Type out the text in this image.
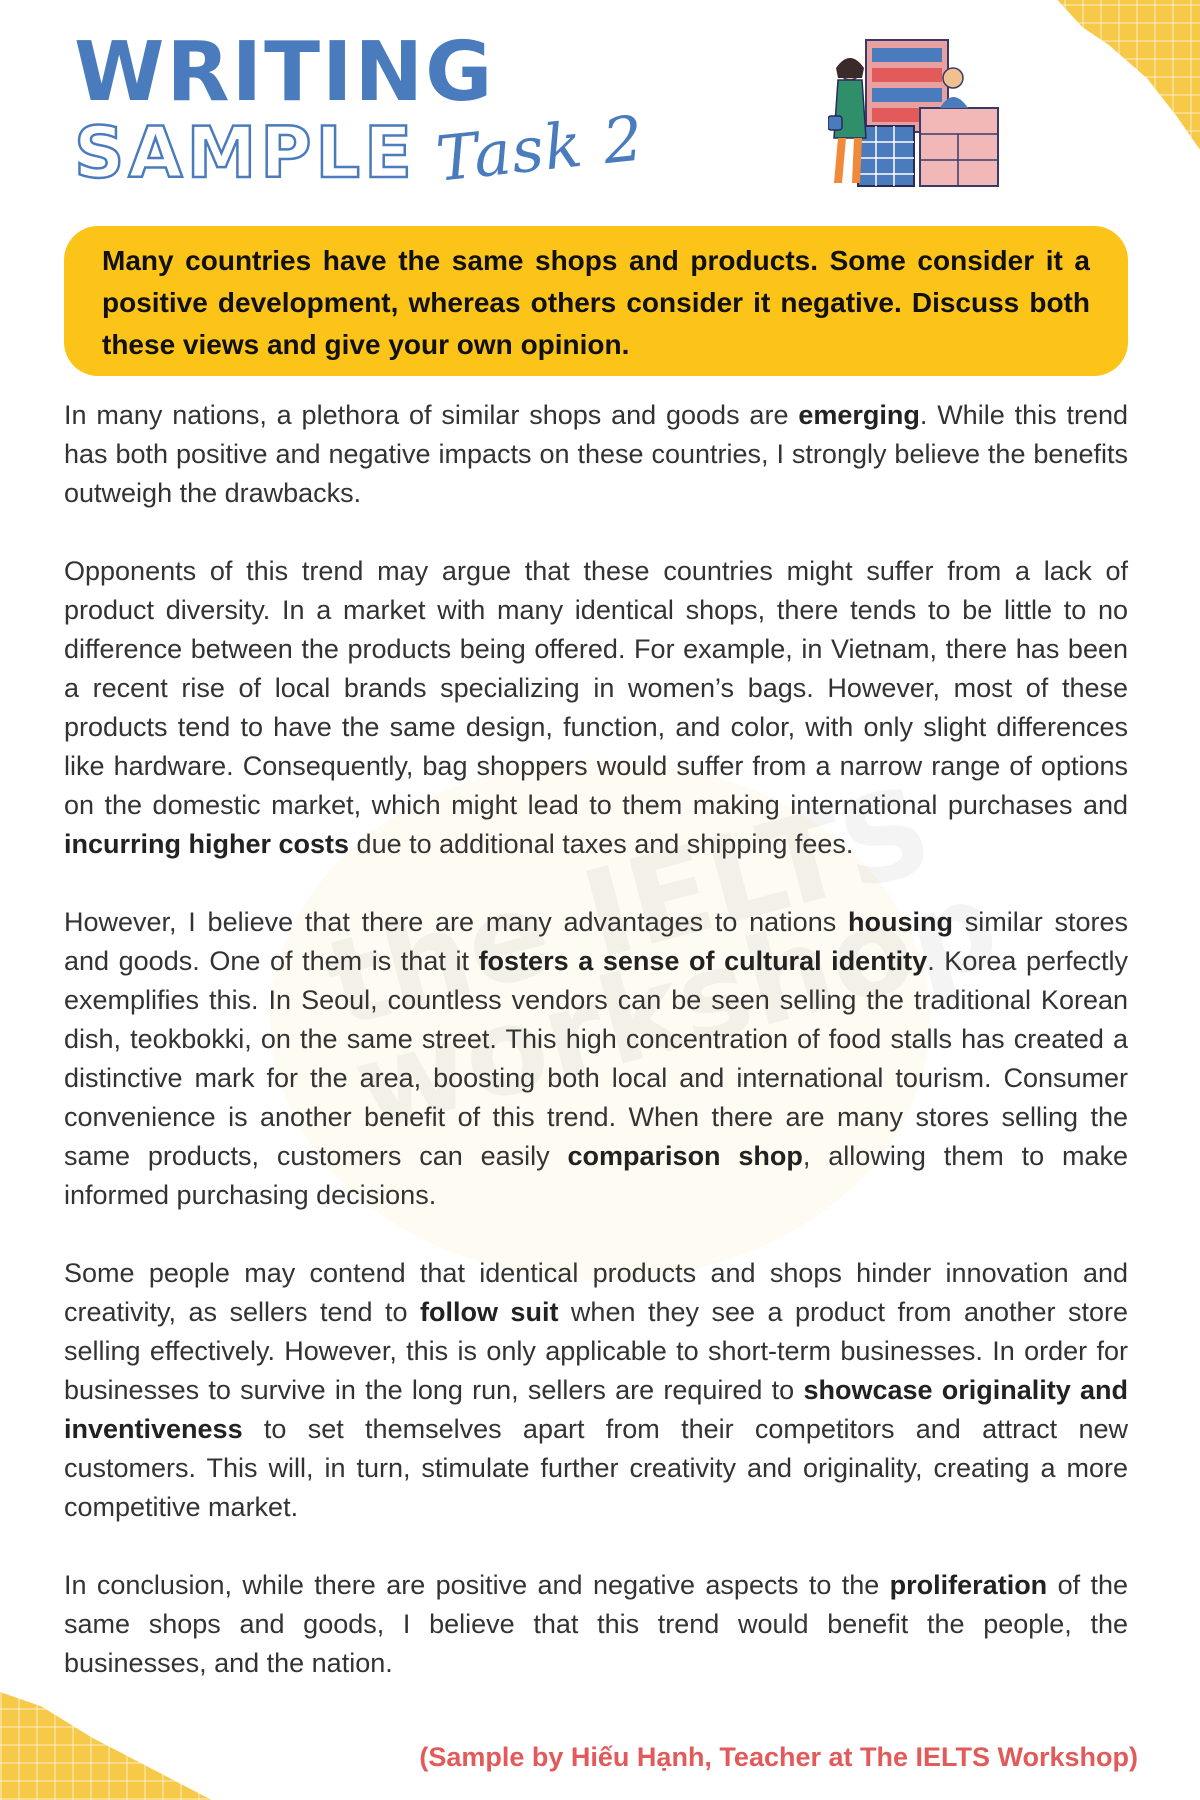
WRITING
SAMPLE Task 2

Many countries have the same shops and products. Some consider it a positive development, whereas others consider it negative. Discuss both these views and give your own opinion.

In many nations, a plethora of similar shops and goods are emerging. While this trend has both positive and negative impacts on these countries, I strongly believe the benefits outweigh the drawbacks.

Opponents of this trend may argue that these countries might suffer from a lack of product diversity. In a market with many identical shops, there tends to be little to no difference between the products being offered. For example, in Vietnam, there has been a recent rise of local brands specializing in women’s bags. However, most of these products tend to have the same design, function, and color, with only slight differences like hardware. Consequently, bag shoppers would suffer from a narrow range of options on the domestic market, which might lead to them making international purchases and incurring higher costs due to additional taxes and shipping fees.

However, I believe that there are many advantages to nations housing similar stores and goods. One of them is that it fosters a sense of cultural identity. Korea perfectly exemplifies this. In Seoul, countless vendors can be seen selling the traditional Korean dish, teokbokki, on the same street. This high concentration of food stalls has created a distinctive mark for the area, boosting both local and international tourism. Consumer convenience is another benefit of this trend. When there are many stores selling the same products, customers can easily comparison shop, allowing them to make informed purchasing decisions.

Some people may contend that identical products and shops hinder innovation and creativity, as sellers tend to follow suit when they see a product from another store selling effectively. However, this is only applicable to short-term businesses. In order for businesses to survive in the long run, sellers are required to showcase originality and inventiveness to set themselves apart from their competitors and attract new customers. This will, in turn, stimulate further creativity and originality, creating a more competitive market.

In conclusion, while there are positive and negative aspects to the proliferation of the same shops and goods, I believe that this trend would benefit the people, the businesses, and the nation.

(Sample by Hiếu Hạnh, Teacher at The IELTS Workshop)
